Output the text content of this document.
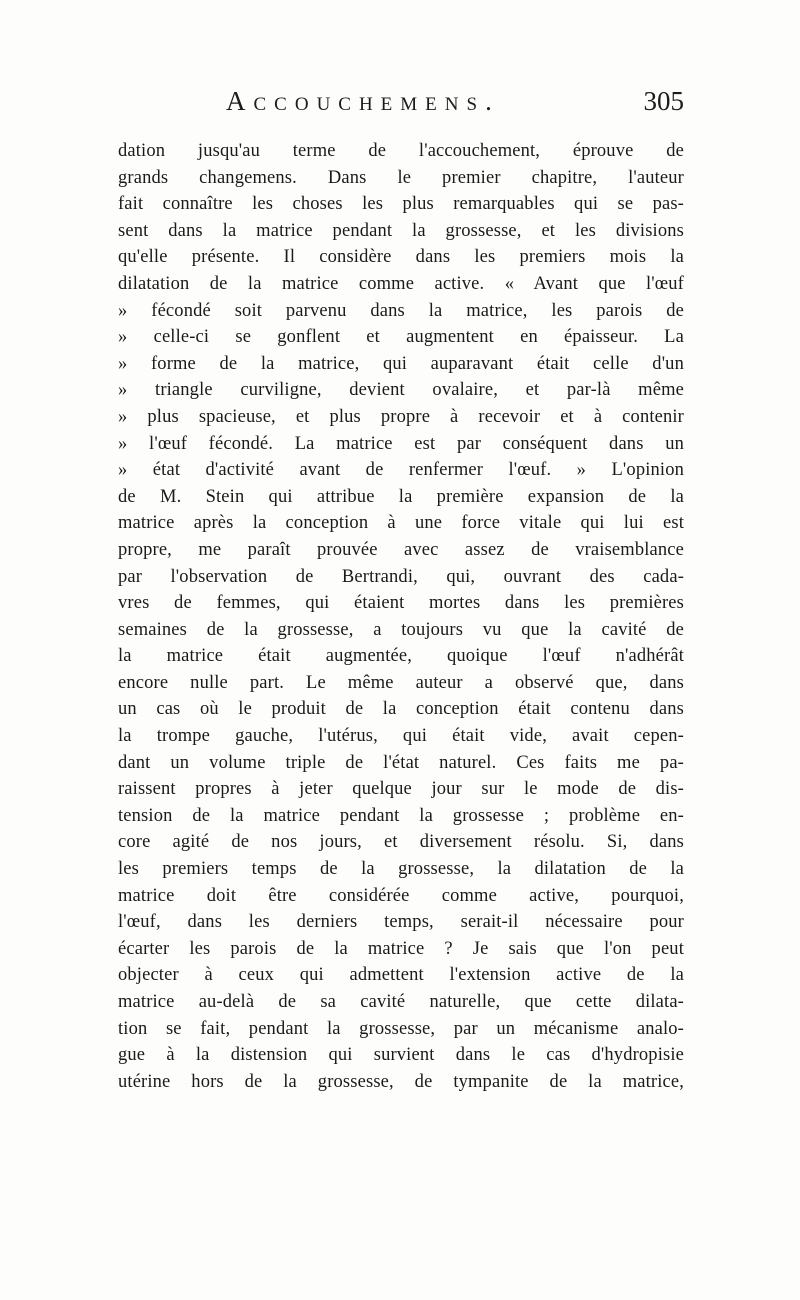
Accouchemens.	305
dation jusqu'au terme de l'accouchement, éprouve de
grands changemens. Dans le premier chapitre, l'auteur
fait connaître les choses les plus remarquables qui se pas-
sent dans la matrice pendant la grossesse, et les divisions
qu'elle présente. Il considère dans les premiers mois la
dilatation de la matrice comme active. « Avant que l'œuf
» fécondé soit parvenu dans la matrice, les parois de
» celle-ci se gonflent et augmentent en épaisseur. La
» forme de la matrice, qui auparavant était celle d'un
» triangle curviligne, devient ovalaire, et par-là même
» plus spacieuse, et plus propre à recevoir et à contenir
» l'œuf fécondé. La matrice est par conséquent dans un
» état d'activité avant de renfermer l'œuf. » L'opinion
de M. Stein qui attribue la première expansion de la
matrice après la conception à une force vitale qui lui est
propre, me paraît prouvée avec assez de vraisemblance
par l'observation de Bertrandi, qui, ouvrant des cada-
vres de femmes, qui étaient mortes dans les premières
semaines de la grossesse, a toujours vu que la cavité de
la matrice était augmentée, quoique l'œuf n'adhérât
encore nulle part. Le même auteur a observé que, dans
un cas où le produit de la conception était contenu dans
la trompe gauche, l'utérus, qui était vide, avait cepen-
dant un volume triple de l'état naturel. Ces faits me pa-
raissent propres à jeter quelque jour sur le mode de dis-
tension de la matrice pendant la grossesse ; problème en-
core agité de nos jours, et diversement résolu. Si, dans
les premiers temps de la grossesse, la dilatation de la
matrice doit être considérée comme active, pourquoi,
l'œuf, dans les derniers temps, serait-il nécessaire pour
écarter les parois de la matrice ? Je sais que l'on peut
objecter à ceux qui admettent l'extension active de la
matrice au-delà de sa cavité naturelle, que cette dilata-
tion se fait, pendant la grossesse, par un mécanisme analo-
gue à la distension qui survient dans le cas d'hydropisie
utérine hors de la grossesse, de tympanite de la matrice,
